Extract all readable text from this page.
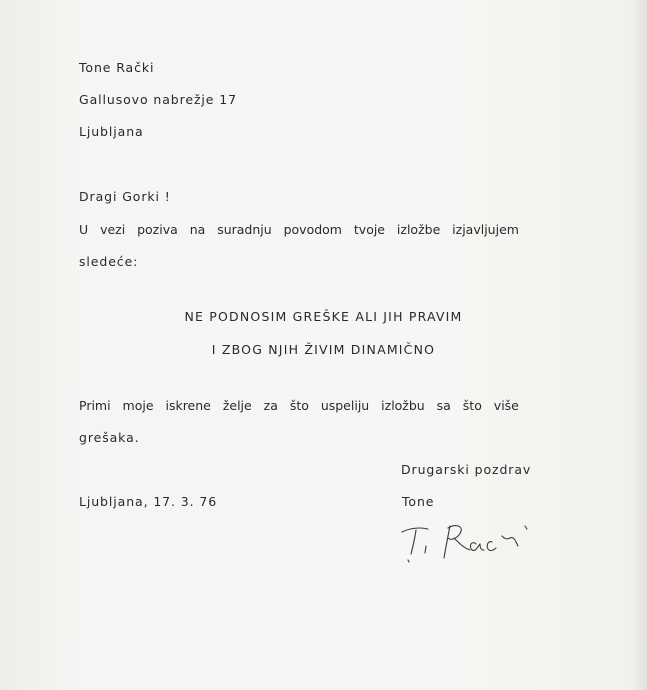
Tone Rački
Gallusovo nabrežje 17
Ljubljana
Dragi Gorki !
U vezi poziva na suradnju povodom tvoje izložbe izjavljujem
sledeće:
NE PODNOSIM GREŠKE ALI JIH PRAVIM
I ZBOG NJIH ŽIVIM DINAMIČNO
Primi moje iskrene želje za što uspeliju izložbu sa što više
grešaka.
Drugarski pozdrav
Ljubljana, 17. 3. 76	Tone
